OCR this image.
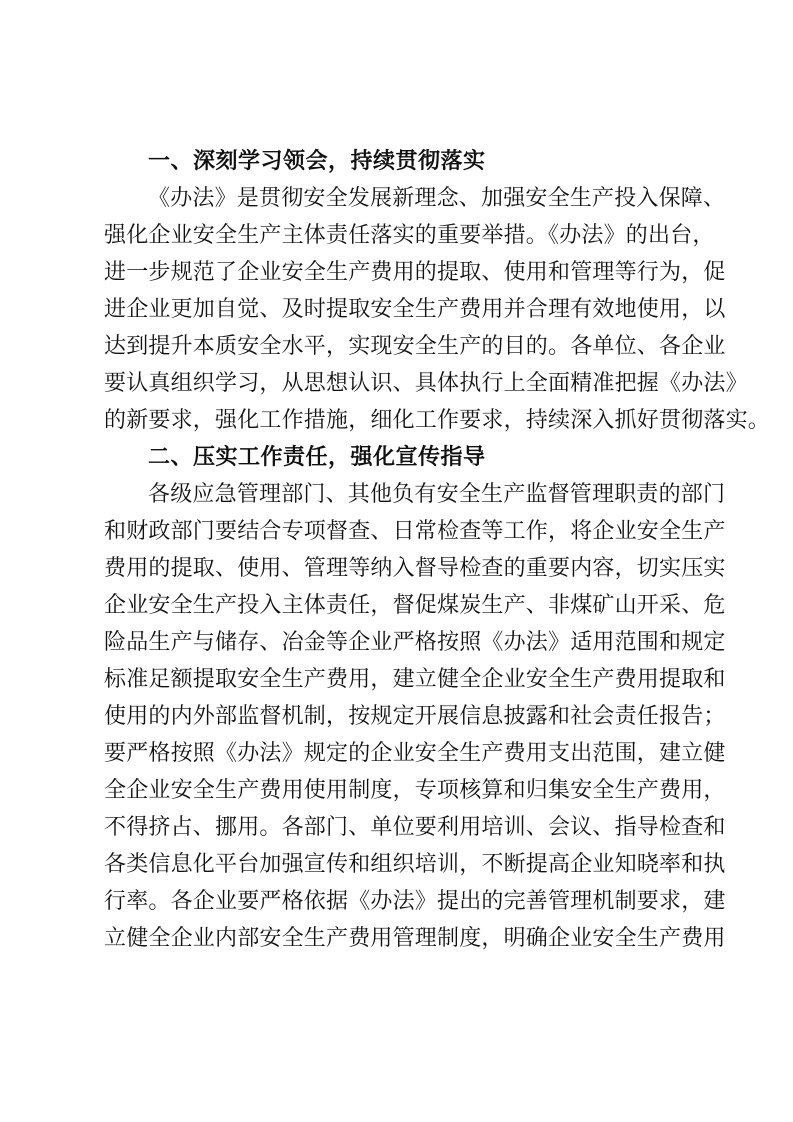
一、深刻学习领会，持续贯彻落实
《办法》是贯彻安全发展新理念、加强安全生产投入保障、
强化企业安全生产主体责任落实的重要举措。《办法》的出台，
进一步规范了企业安全生产费用的提取、使用和管理等行为，促
进企业更加自觉、及时提取安全生产费用并合理有效地使用，以
达到提升本质安全水平，实现安全生产的目的。各单位、各企业
要认真组织学习，从思想认识、具体执行上全面精准把握《办法》
的新要求，强化工作措施，细化工作要求，持续深入抓好贯彻落实。
二、压实工作责任，强化宣传指导
各级应急管理部门、其他负有安全生产监督管理职责的部门
和财政部门要结合专项督查、日常检查等工作，将企业安全生产
费用的提取、使用、管理等纳入督导检查的重要内容，切实压实
企业安全生产投入主体责任，督促煤炭生产、非煤矿山开采、危
险品生产与储存、冶金等企业严格按照《办法》适用范围和规定
标准足额提取安全生产费用，建立健全企业安全生产费用提取和
使用的内外部监督机制，按规定开展信息披露和社会责任报告；
要严格按照《办法》规定的企业安全生产费用支出范围，建立健
全企业安全生产费用使用制度，专项核算和归集安全生产费用，
不得挤占、挪用。各部门、单位要利用培训、会议、指导检查和
各类信息化平台加强宣传和组织培训，不断提高企业知晓率和执
行率。各企业要严格依据《办法》提出的完善管理机制要求，建
立健全企业内部安全生产费用管理制度，明确企业安全生产费用
